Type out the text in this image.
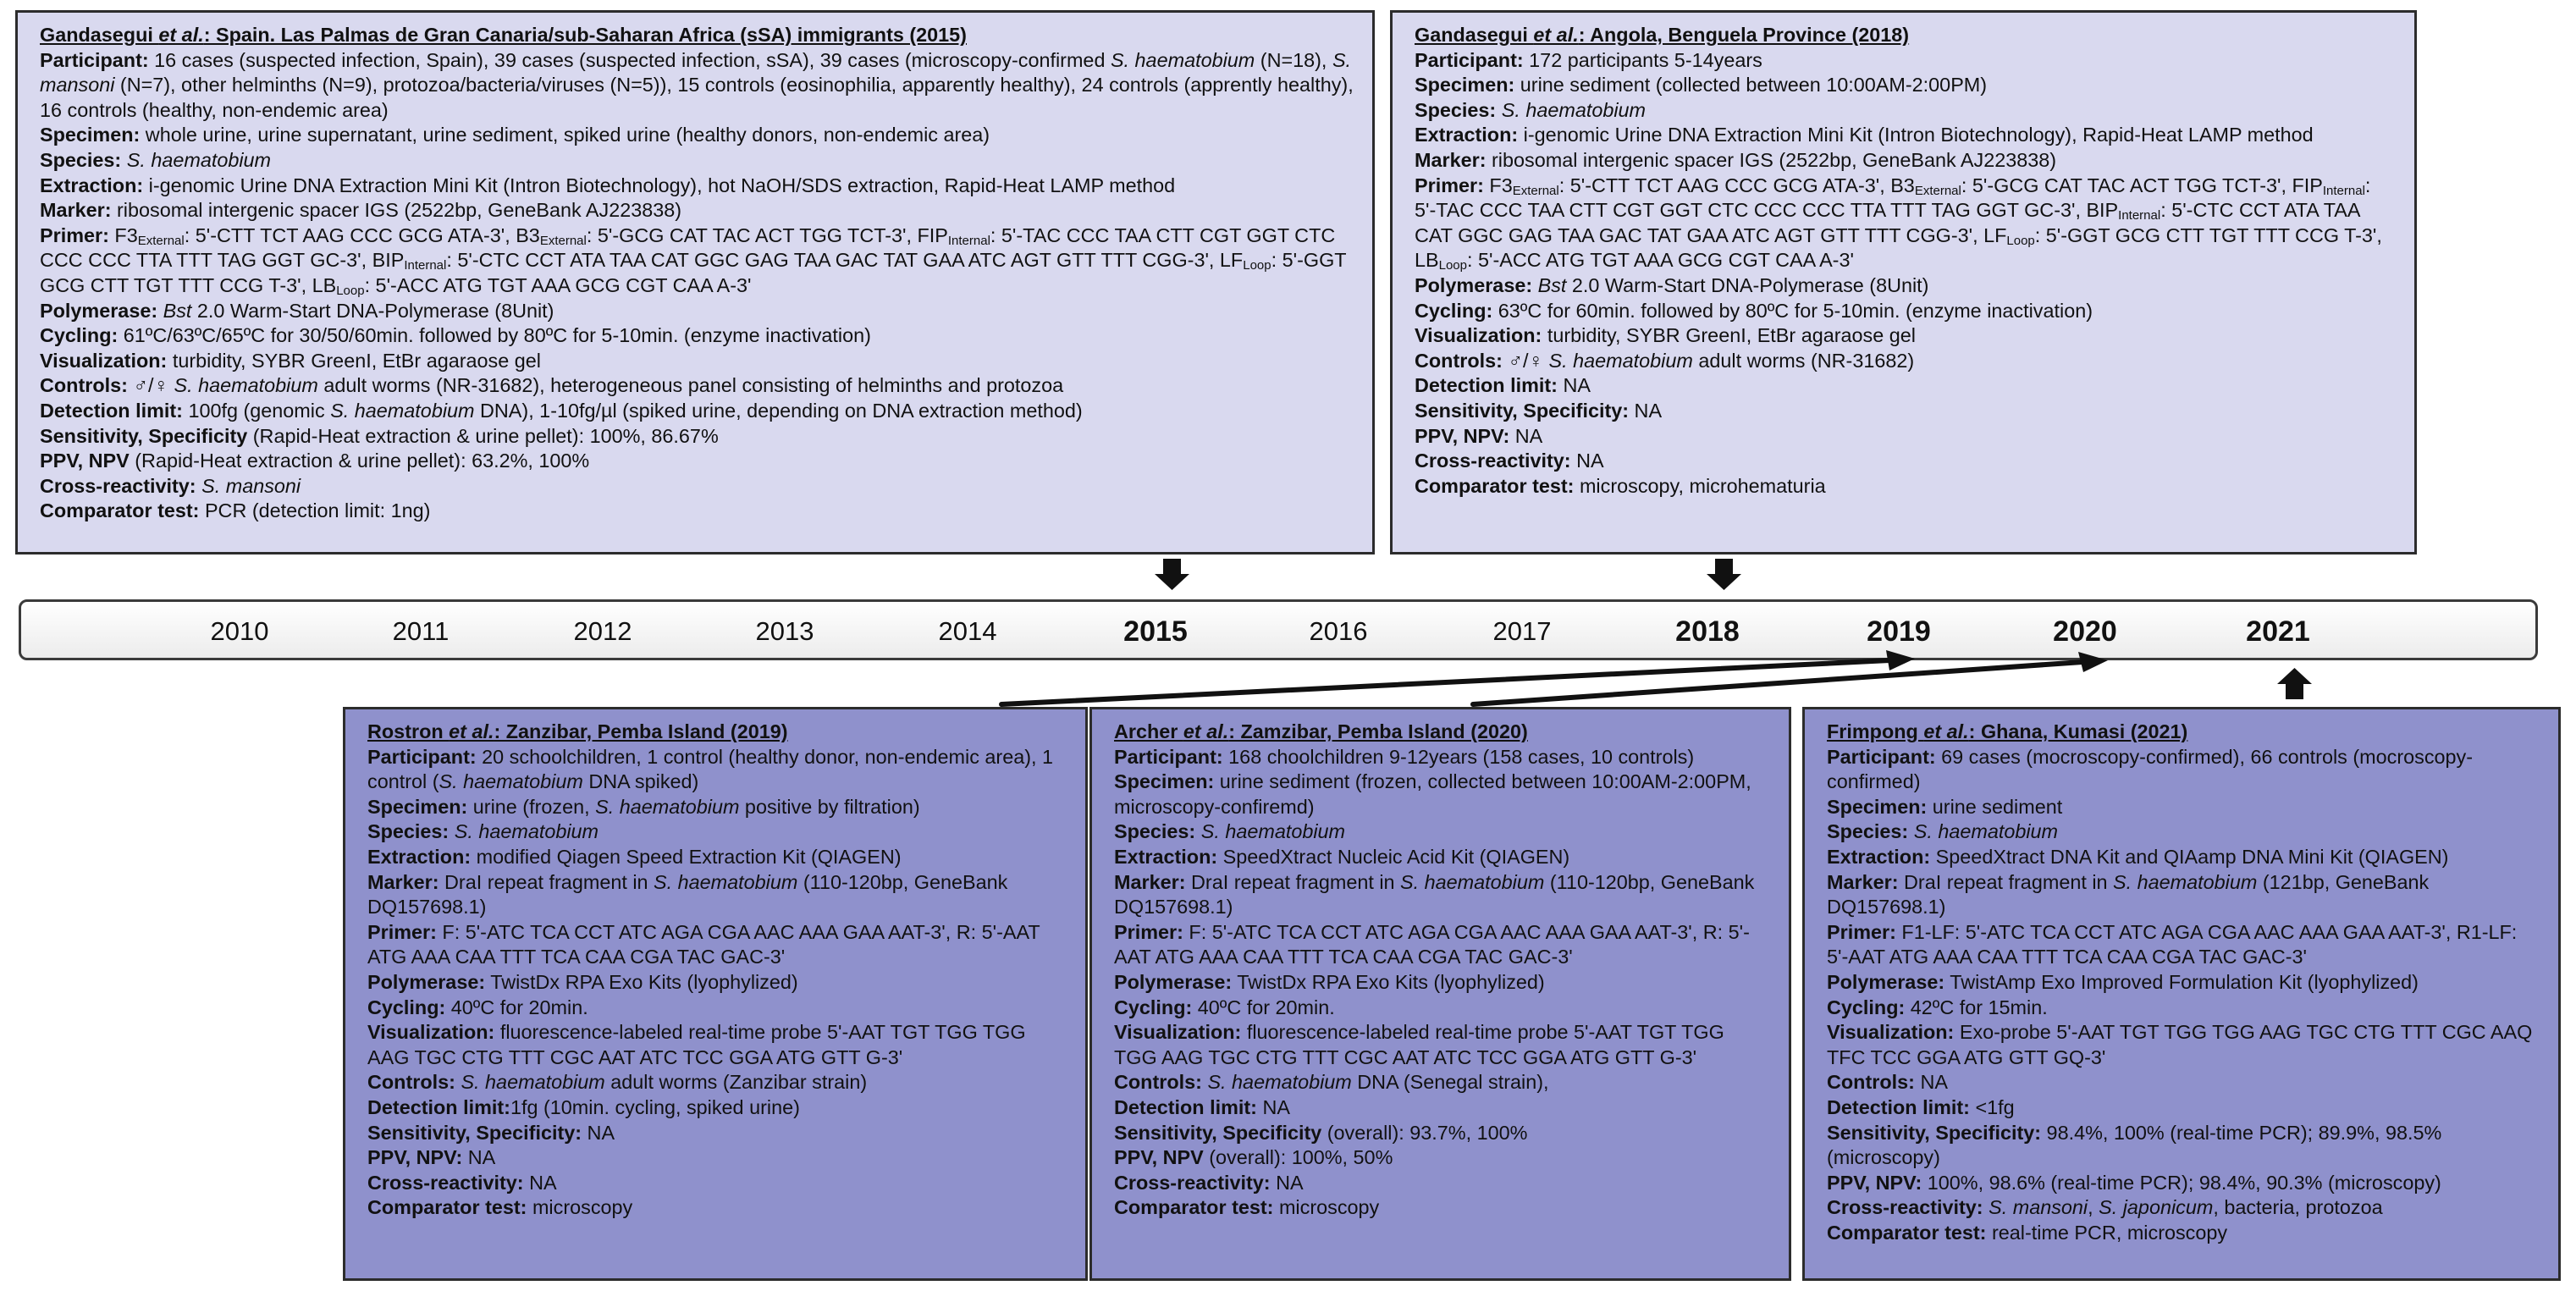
Gandasegui et al.: Spain. Las Palmas de Gran Canaria/sub-Saharan Africa (sSA) immigrants (2015)
Participant: 16 cases (suspected infection, Spain), 39 cases (suspected infection, sSA), 39 cases (microscopy-confirmed S. haematobium (N=18), S. mansoni (N=7), other helminths (N=9), protozoa/bacteria/viruses (N=5)), 15 controls (eosinophilia, apparently healthy), 24 controls (apprently healthy), 16 controls (healthy, non-endemic area)
Specimen: whole urine, urine supernatant, urine sediment, spiked urine (healthy donors, non-endemic area)
Species: S. haematobium
Extraction: i-genomic Urine DNA Extraction Mini Kit (Intron Biotechnology), hot NaOH/SDS extraction, Rapid-Heat LAMP method
Marker: ribosomal intergenic spacer IGS (2522bp, GeneBank AJ223838)
Primer: $F3_{External}$: 5'-CTT TCT AAG CCC GCG ATA-3', $B3_{External}$: 5'-GCG CAT TAC ACT TGG TCT-3', $FIP_{Internal}$: 5'-TAC CCC TAA CTT CGT GGT CTC CCC CCC TTA TTT TAG GGT GC-3', $BIP_{Internal}$: 5'-CTC CCT ATA TAA CAT GGC GAG TAA GAC TAT GAA ATC AGT GTT TTT CGG-3', $LF_{Loop}$: 5'-GGT GCG CTT TGT TTT CCG T-3', $LB_{Loop}$: 5'-ACC ATG TGT AAA GCG CGT CAA A-3'
Polymerase: Bst 2.0 Warm-Start DNA-Polymerase (8Unit)
Cycling: 61ºC/63ºC/65ºC for 30/50/60min. followed by 80ºC for 5-10min. (enzyme inactivation)
Visualization: turbidity, SYBR GreenI, EtBr agaraose gel
Controls: ♂/♀ S. haematobium adult worms (NR-31682), heterogeneous panel consisting of helminths and protozoa
Detection limit: 100fg (genomic S. haematobium DNA), 1-10fg/µl (spiked urine, depending on DNA extraction method)
Sensitivity, Specificity (Rapid-Heat extraction & urine pellet): 100%, 86.67%
PPV, NPV (Rapid-Heat extraction & urine pellet): 63.2%, 100%
Cross-reactivity: S. mansoni
Comparator test: PCR (detection limit: 1ng)
Gandasegui et al.: Angola, Benguela Province (2018)
Participant: 172 participants 5-14years
Specimen: urine sediment (collected between 10:00AM-2:00PM)
Species: S. haematobium
Extraction: i-genomic Urine DNA Extraction Mini Kit (Intron Biotechnology), Rapid-Heat LAMP method
Marker: ribosomal intergenic spacer IGS (2522bp, GeneBank AJ223838)
Primer: $F3_{External}$: 5'-CTT TCT AAG CCC GCG ATA-3', $B3_{External}$: 5'-GCG CAT TAC ACT TGG TCT-3', $FIP_{Internal}$: 5'-TAC CCC TAA CTT CGT GGT CTC CCC CCC TTA TTT TAG GGT GC-3', $BIP_{Internal}$: 5'-CTC CCT ATA TAA CAT GGC GAG TAA GAC TAT GAA ATC AGT GTT TTT CGG-3', $LF_{Loop}$: 5'-GGT GCG CTT TGT TTT CCG T-3', $LB_{Loop}$: 5'-ACC ATG TGT AAA GCG CGT CAA A-3'
Polymerase: Bst 2.0 Warm-Start DNA-Polymerase (8Unit)
Cycling: 63ºC for 60min. followed by 80ºC for 5-10min. (enzyme inactivation)
Visualization: turbidity, SYBR GreenI, EtBr agaraose gel
Controls: ♂/♀ S. haematobium adult worms (NR-31682)
Detection limit: NA
Sensitivity, Specificity: NA
PPV, NPV: NA
Cross-reactivity: NA
Comparator test: microscopy, microhematuria
2010	2011	2012	2013	2014	2015	2016	2017	2018	2019	2020	2021
Rostron et al.: Zanzibar, Pemba Island (2019)
Participant: 20 schoolchildren, 1 control (healthy donor, non-endemic area), 1 control (S. haematobium DNA spiked)
Specimen: urine (frozen, S. haematobium positive by filtration)
Species: S. haematobium
Extraction: modified Qiagen Speed Extraction Kit (QIAGEN)
Marker: DraI repeat fragment in S. haematobium (110-120bp, GeneBank DQ157698.1)
Primer: F: 5'-ATC TCA CCT ATC AGA CGA AAC AAA GAA AAT-3', R: 5'-AAT ATG AAA CAA TTT TCA CAA CGA TAC GAC-3'
Polymerase: TwistDx RPA Exo Kits (lyophylized)
Cycling: 40ºC for 20min.
Visualization: fluorescence-labeled real-time probe 5'-AAT TGT TGG TGG AAG TGC CTG TTT CGC AAT ATC TCC GGA ATG GTT G-3'
Controls: S. haematobium adult worms (Zanzibar strain)
Detection limit:1fg (10min. cycling, spiked urine)
Sensitivity, Specificity: NA
PPV, NPV: NA
Cross-reactivity: NA
Comparator test: microscopy
Archer et al.: Zamzibar, Pemba Island (2020)
Participant: 168 choolchildren 9-12years (158 cases, 10 controls)
Specimen: urine sediment (frozen, collected between 10:00AM-2:00PM, microscopy-confiremd)
Species: S. haematobium
Extraction: SpeedXtract Nucleic Acid Kit (QIAGEN)
Marker: DraI repeat fragment in S. haematobium (110-120bp, GeneBank DQ157698.1)
Primer: F: 5'-ATC TCA CCT ATC AGA CGA AAC AAA GAA AAT-3', R: 5'-AAT ATG AAA CAA TTT TCA CAA CGA TAC GAC-3'
Polymerase: TwistDx RPA Exo Kits (lyophylized)
Cycling: 40ºC for 20min.
Visualization: fluorescence-labeled real-time probe 5'-AAT TGT TGG TGG AAG TGC CTG TTT CGC AAT ATC TCC GGA ATG GTT G-3'
Controls: S. haematobium DNA (Senegal strain),
Detection limit: NA
Sensitivity, Specificity (overall): 93.7%, 100%
PPV, NPV (overall): 100%, 50%
Cross-reactivity: NA
Comparator test: microscopy
Frimpong et al.: Ghana, Kumasi (2021)
Participant: 69 cases (mocroscopy-confirmed), 66 controls (mocroscopy-confirmed)
Specimen: urine sediment
Species: S. haematobium
Extraction: SpeedXtract DNA Kit and QIAamp DNA Mini Kit (QIAGEN)
Marker: DraI repeat fragment in S. haematobium (121bp, GeneBank DQ157698.1)
Primer: F1-LF: 5'-ATC TCA CCT ATC AGA CGA AAC AAA GAA AAT-3', R1-LF: 5'-AAT ATG AAA CAA TTT TCA CAA CGA TAC GAC-3'
Polymerase: TwistAmp Exo Improved Formulation Kit (lyophylized)
Cycling: 42ºC for 15min.
Visualization: Exo-probe 5'-AAT TGT TGG TGG AAG TGC CTG TTT CGC AAQ TFC TCC GGA ATG GTT GQ-3'
Controls: NA
Detection limit: <1fg
Sensitivity, Specificity: 98.4%, 100% (real-time PCR); 89.9%, 98.5% (microscopy)
PPV, NPV: 100%, 98.6% (real-time PCR); 98.4%, 90.3% (microscopy)
Cross-reactivity: S. mansoni, S. japonicum, bacteria, protozoa
Comparator test: real-time PCR, microscopy
